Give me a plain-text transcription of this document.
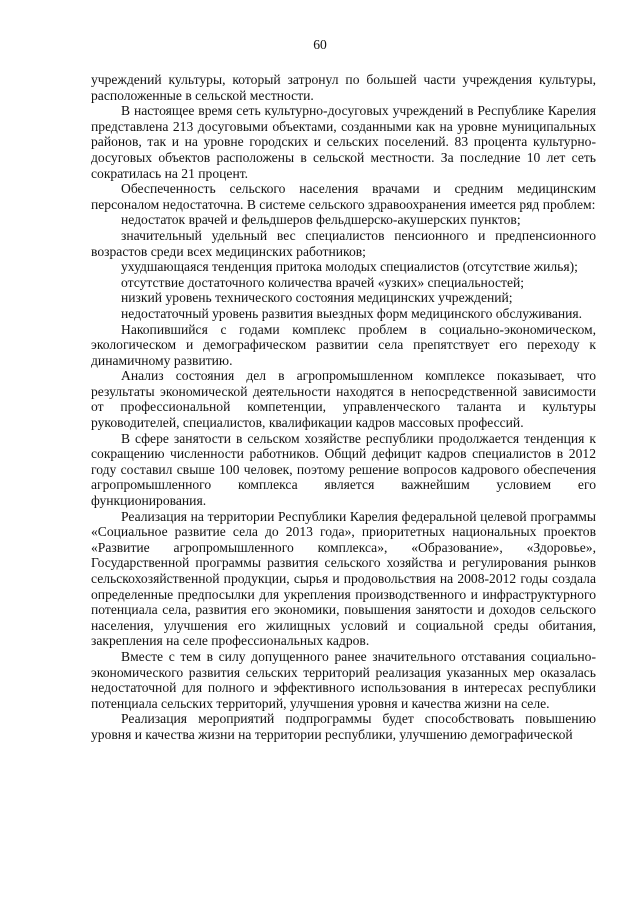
60

учреждений культуры, который затронул по большей части учреждения культуры, расположенные в сельской местности.

В настоящее время сеть культурно-досуговых учреждений в Республике Карелия представлена 213 досуговыми объектами, созданными как на уровне муниципальных районов, так и на уровне городских и сельских поселений. 83 процента культурно-досуговых объектов расположены в сельской местности. За последние 10 лет сеть сократилась на 21 процент.

Обеспеченность сельского населения врачами и средним медицинским персоналом недостаточна. В системе сельского здравоохранения имеется ряд проблем:

недостаток врачей и фельдшеров фельдшерско-акушерских пунктов;

значительный удельный вес специалистов пенсионного и предпенсионного возрастов среди всех медицинских работников;

ухудшающаяся тенденция притока молодых специалистов (отсутствие жилья);

отсутствие достаточного количества врачей «узких» специальностей;

низкий уровень технического состояния медицинских учреждений;

недостаточный уровень развития выездных форм медицинского обслуживания.

Накопившийся с годами комплекс проблем в социально-экономическом, экологическом и демографическом развитии села препятствует его переходу к динамичному развитию.

Анализ состояния дел в агропромышленном комплексе показывает, что результаты экономической деятельности находятся в непосредственной зависимости от профессиональной компетенции, управленческого таланта и культуры руководителей, специалистов, квалификации кадров массовых профессий.

В сфере занятости в сельском хозяйстве республики продолжается тенденция к сокращению численности работников. Общий дефицит кадров специалистов в 2012 году составил свыше 100 человек, поэтому решение вопросов кадрового обеспечения агропромышленного комплекса является важнейшим условием его функционирования.

Реализация на территории Республики Карелия федеральной целевой программы «Социальное развитие села до 2013 года», приоритетных национальных проектов «Развитие агропромышленного комплекса», «Образование», «Здоровье», Государственной программы развития сельского хозяйства и регулирования рынков сельскохозяйственной продукции, сырья и продовольствия на 2008-2012 годы создала определенные предпосылки для укрепления производственного и инфраструктурного потенциала села, развития его экономики, повышения занятости и доходов сельского населения, улучшения его жилищных условий и социальной среды обитания, закрепления на селе профессиональных кадров.

Вместе с тем в силу допущенного ранее значительного отставания социально-экономического развития сельских территорий реализация указанных мер оказалась недостаточной для полного и эффективного использования в интересах республики потенциала сельских территорий, улучшения уровня и качества жизни на селе.

Реализация мероприятий подпрограммы будет способствовать повышению уровня и качества жизни на территории республики, улучшению демографической
